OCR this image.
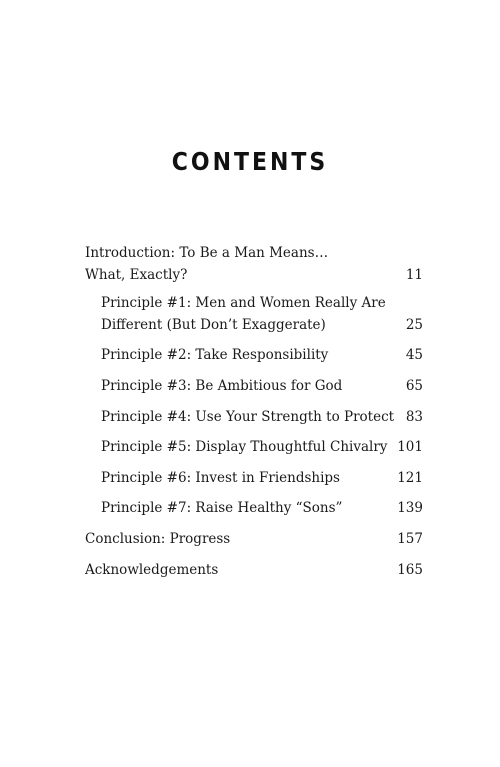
CONTENTS
Introduction: To Be a Man Means…
What, Exactly?	11
Principle #1: Men and Women Really Are
Different (But Don’t Exaggerate)	25
Principle #2: Take Responsibility	45
Principle #3: Be Ambitious for God	65
Principle #4: Use Your Strength to Protect 83
Principle #5: Display Thoughtful Chivalry 101
Principle #6: Invest in Friendships	121
Principle #7: Raise Healthy “Sons”	139
Conclusion: Progress	157
Acknowledgements	165
